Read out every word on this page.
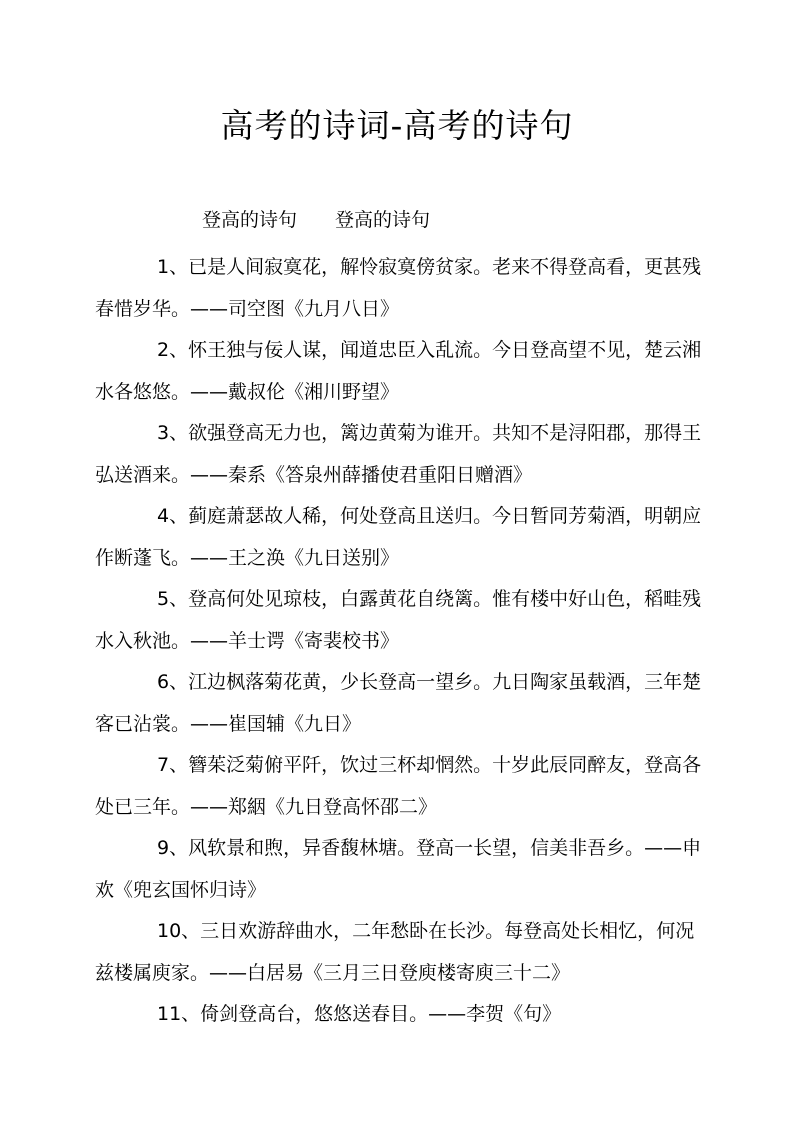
高考的诗词-高考的诗句
登高的诗句　　登高的诗句
1、已是人间寂寞花，解怜寂寞傍贫家。老来不得登高看，更甚残春惜岁华。——司空图《九月八日》
2、怀王独与佞人谋，闻道忠臣入乱流。今日登高望不见，楚云湘水各悠悠。——戴叔伦《湘川野望》
3、欲强登高无力也，篱边黄菊为谁开。共知不是浔阳郡，那得王弘送酒来。——秦系《答泉州薛播使君重阳日赠酒》
4、蓟庭萧瑟故人稀，何处登高且送归。今日暂同芳菊酒，明朝应作断蓬飞。——王之涣《九日送别》
5、登高何处见琼枝，白露黄花自绕篱。惟有楼中好山色，稻畦残水入秋池。——羊士谔《寄裴校书》
6、江边枫落菊花黄，少长登高一望乡。九日陶家虽载酒，三年楚客已沾裳。——崔国辅《九日》
7、簪茱泛菊俯平阡，饮过三杯却惘然。十岁此辰同醉友，登高各处已三年。——郑絪《九日登高怀邵二》
9、风软景和煦，异香馥林塘。登高一长望，信美非吾乡。——申欢《兜玄国怀归诗》
10、三日欢游辞曲水，二年愁卧在长沙。每登高处长相忆，何况兹楼属庾家。——白居易《三月三日登庾楼寄庾三十二》
11、倚剑登高台，悠悠送春目。——李贺《句》
